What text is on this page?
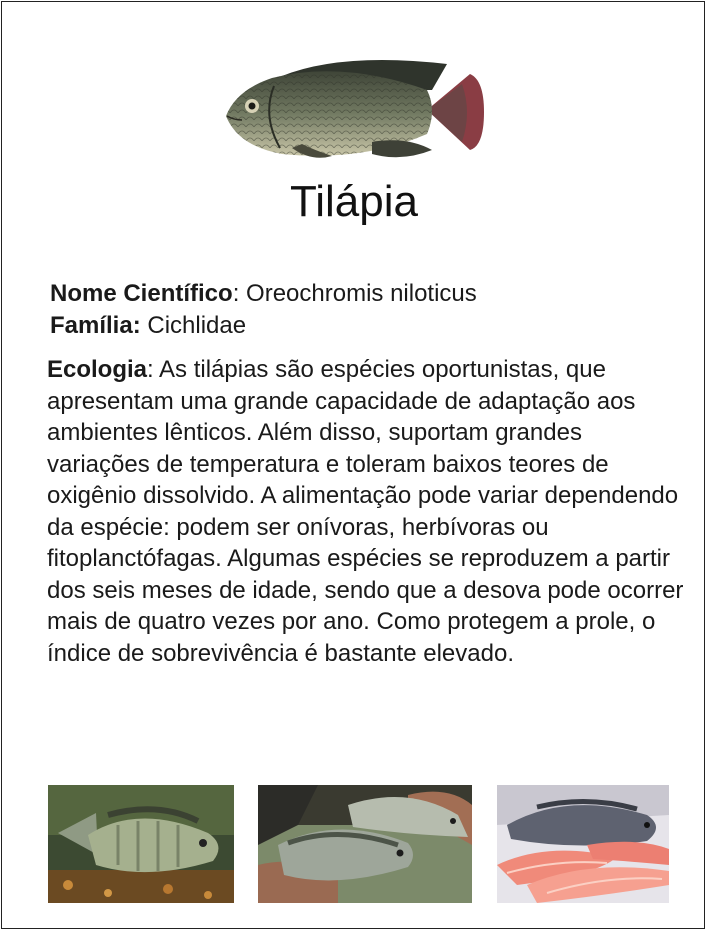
Tilápia
Nome Científico: Oreochromis niloticus
Família: Cichlidae
Ecologia: As tilápias são espécies oportunistas, que apresentam uma grande capacidade de adaptação aos ambientes lênticos. Além disso, suportam grandes variações de temperatura e toleram baixos teores de oxigênio dissolvido. A alimentação pode variar dependendo da espécie: podem ser onívoras, herbívoras ou fitoplanctófagas. Algumas espécies se reproduzem a partir dos seis meses de idade, sendo que a desova pode ocorrer mais de quatro vezes por ano. Como protegem a prole, o índice de sobrevivência é bastante elevado.
